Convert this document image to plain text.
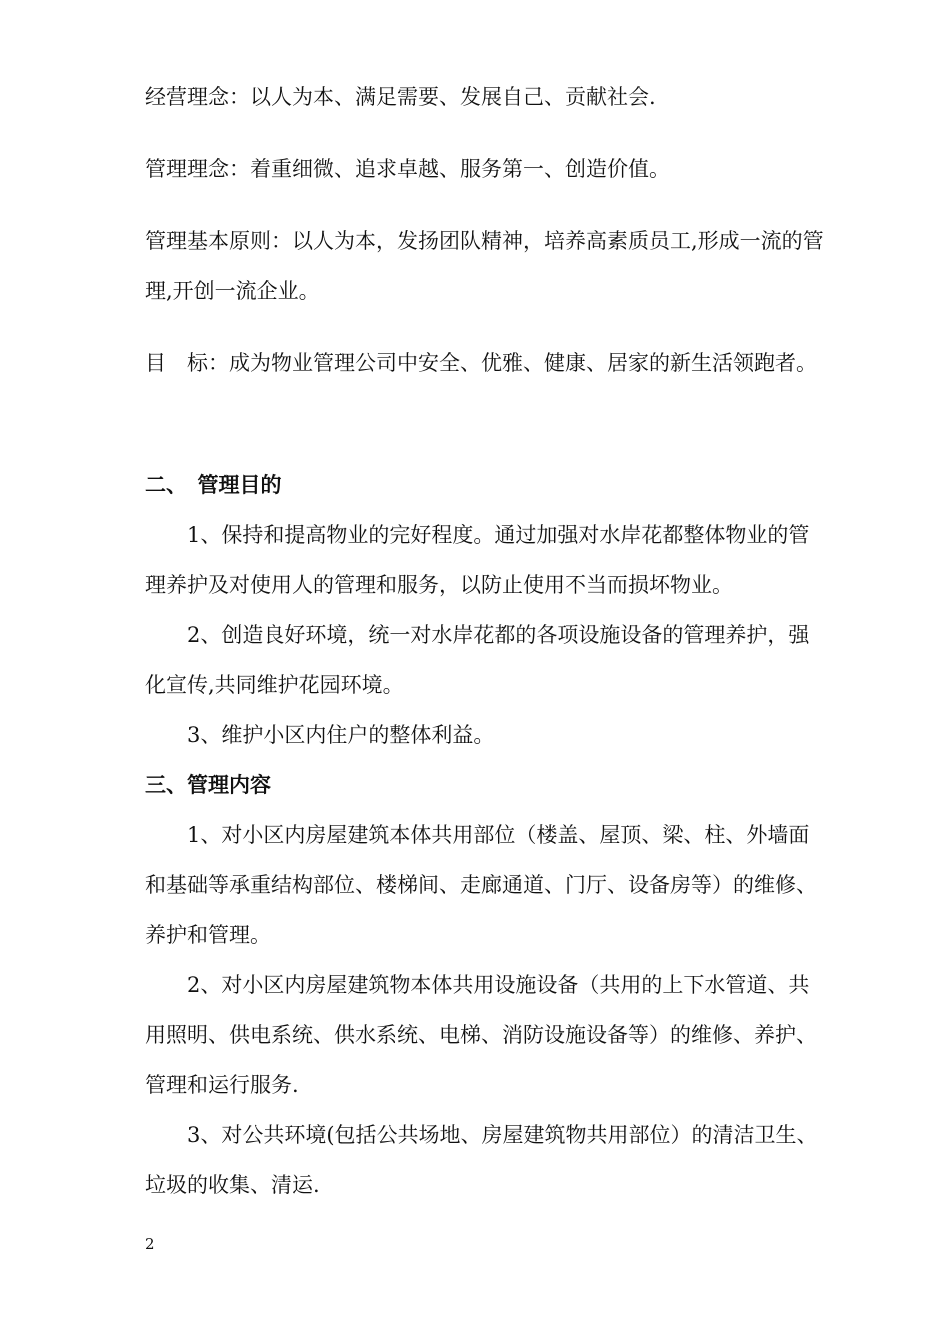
经营理念：以人为本、满足需要、发展自己、贡献社会.

管理理念：着重细微、追求卓越、服务第一、创造价值。

管理基本原则：以人为本，发扬团队精神，培养高素质员工,形成一流的管理,开创一流企业。

目　标：成为物业管理公司中安全、优雅、健康、居家的新生活领跑者。

二、　管理目的

1、保持和提高物业的完好程度。通过加强对水岸花都整体物业的管理养护及对使用人的管理和服务，以防止使用不当而损坏物业。

2、创造良好环境，统一对水岸花都的各项设施设备的管理养护，强化宣传,共同维护花园环境。

3、维护小区内住户的整体利益。

三、管理内容

1、对小区内房屋建筑本体共用部位（楼盖、屋顶、梁、柱、外墙面和基础等承重结构部位、楼梯间、走廊通道、门厅、设备房等）的维修、养护和管理。

2、对小区内房屋建筑物本体共用设施设备（共用的上下水管道、共用照明、供电系统、供水系统、电梯、消防设施设备等）的维修、养护、管理和运行服务.

3、对公共环境(包括公共场地、房屋建筑物共用部位）的清洁卫生、垃圾的收集、清运.

2
